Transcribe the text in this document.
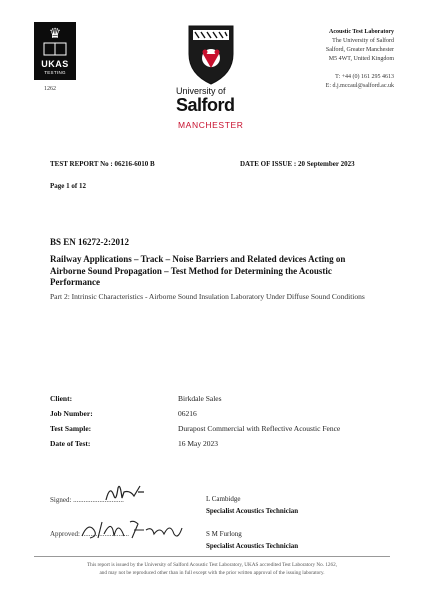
♛
UKAS
TESTING
1262	University of
Salford
MANCHESTER
Acoustic Test Laboratory
The University of Salford
Salford, Greater Manchester
M5 4WT, United Kingdom
T: +44 (0) 161 295 4613
E: d.j.mccaul@salford.ac.uk
TEST REPORT No : 06216-6010 B	DATE OF ISSUE : 20 September 2023
Page 1 of 12
BS EN 16272-2:2012
Railway Applications – Track – Noise Barriers and Related devices Acting on Airborne Sound Propagation – Test Method for Determining the Acoustic Performance
Part 2: Intrinsic Characteristics - Airborne Sound Insulation Laboratory Under Diffuse Sound Conditions
Client:	Birkdale Sales
Job Number:	06216
Test Sample:	Durapost Commercial with Reflective Acoustic Fence
Date of Test:	16 May 2023
Signed: .............................	L Cambidge
Specialist Acoustics Technician
Approved: ...........................	S M Furlong
Specialist Acoustics Technician
This report is issued by the University of Salford Acoustic Test Laboratory, UKAS accredited Test Laboratory No. 1262,
and may not be reproduced other than in full except with the prior written approval of the issuing laboratory.
